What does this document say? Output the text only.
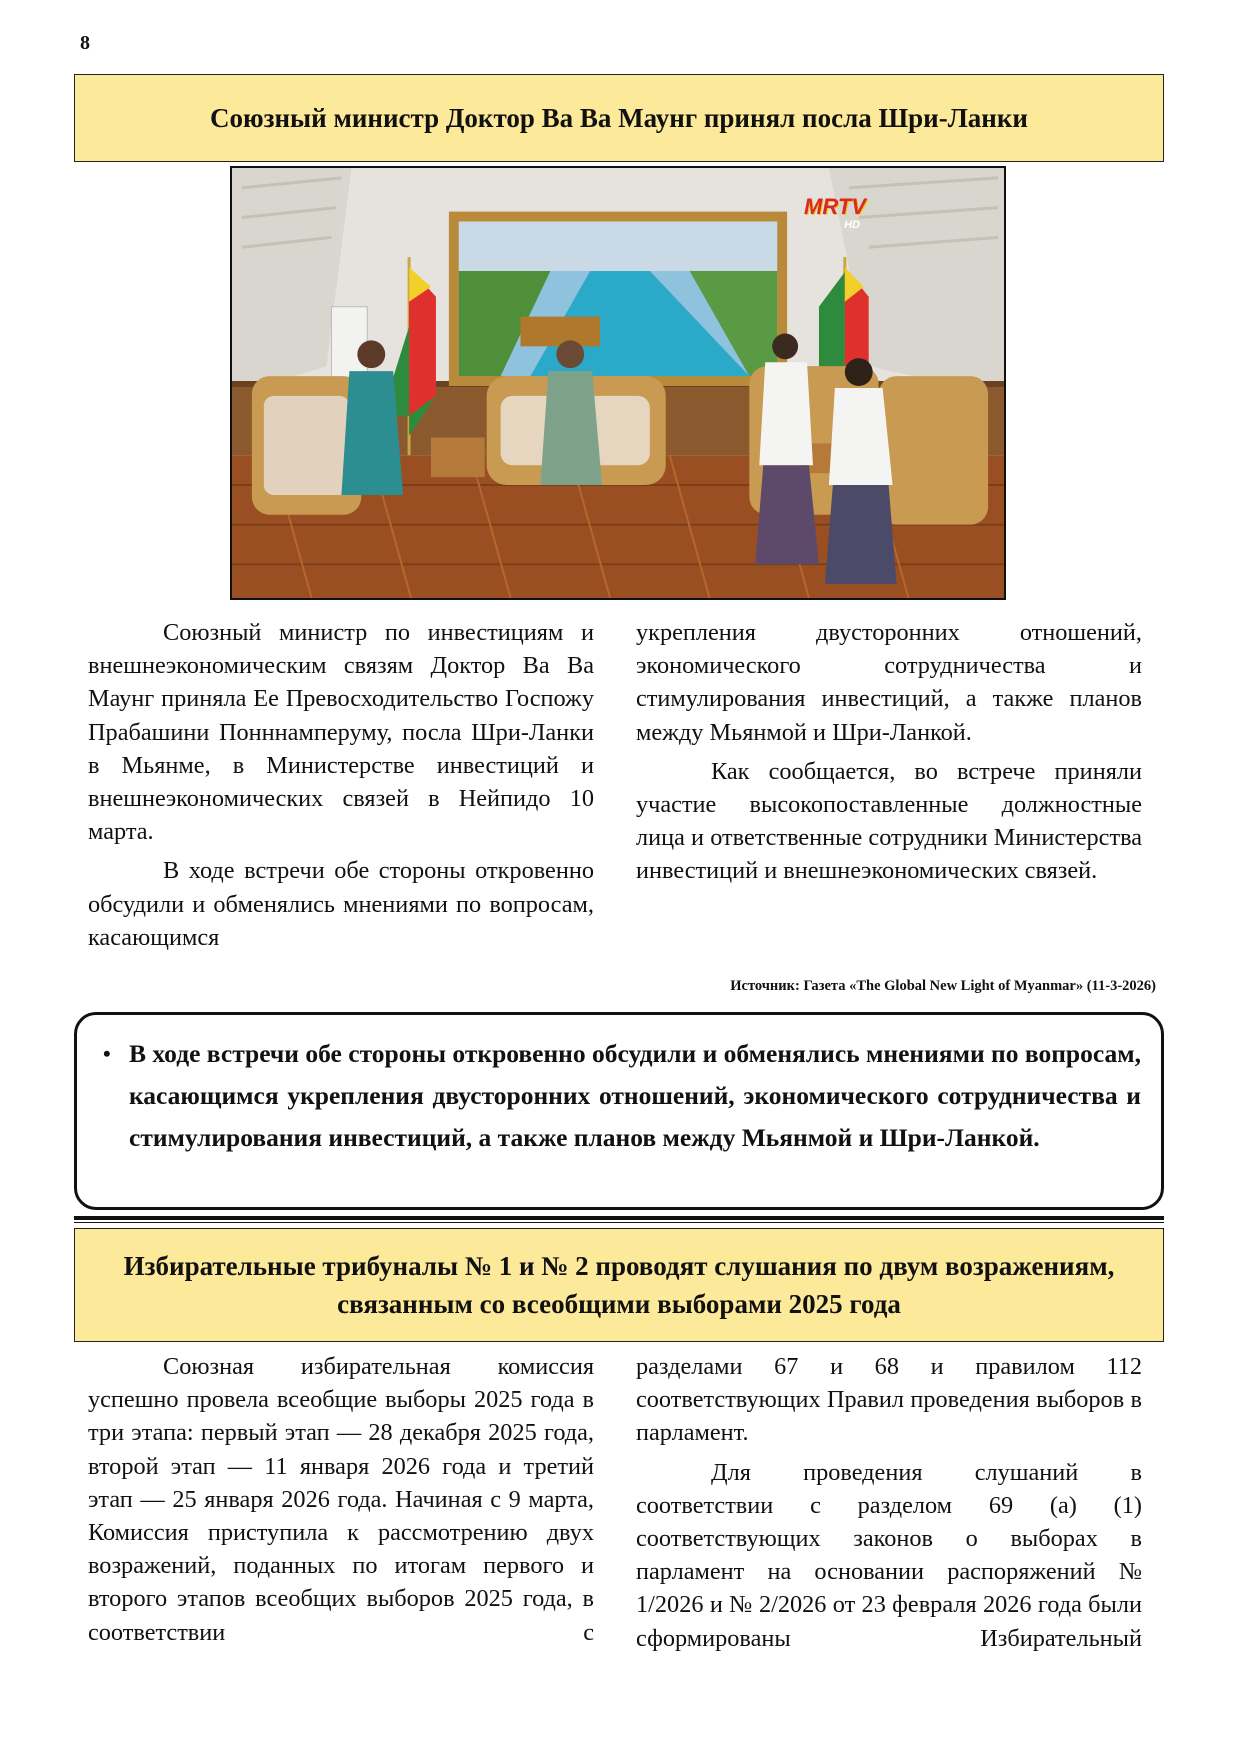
8
Союзный министр Доктор Ва Ва Маунг принял посла Шри-Ланки
MRTV $_{HD}$

Союзный министр по инвестициям и внешнеэкономическим связям Доктор Ва Ва Маунг приняла Ее Превосходительство Госпожу Прабашини Понннамперуму, посла Шри-Ланки в Мьянме, в Министерстве инвестиций и внешнеэкономических связей в Нейпидо 10 марта.

В ходе встречи обе стороны откровенно обсудили и обменялись мнениями по вопросам, касающимся

укрепления двусторонних отношений, экономического сотрудничества и стимулирования инвестиций, а также планов между Мьянмой и Шри-Ланкой.

Как сообщается, во встрече приняли участие высокопоставленные должностные лица и ответственные сотрудники Министерства инвестиций и внешнеэкономических связей.

Источник: Газета «The Global New Light of Myanmar» (11-3-2026)
• В ходе встречи обе стороны откровенно обсудили и обменялись мнениями по вопросам, касающимся укрепления двусторонних отношений, экономического сотрудничества и стимулирования инвестиций, а также планов между Мьянмой и Шри-Ланкой.
Избирательные трибуналы № 1 и № 2 проводят слушания по двум возражениям, связанным со всеобщими выборами 2025 года

Союзная избирательная комиссия успешно провела всеобщие выборы 2025 года в три этапа: первый этап — 28 декабря 2025 года, второй этап — 11 января 2026 года и третий этап — 25 января 2026 года. Начиная с 9 марта, Комиссия приступила к рассмотрению двух возражений, поданных по итогам первого и второго этапов всеобщих выборов 2025 года, в соответствии с

разделами 67 и 68 и правилом 112 соответствующих Правил проведения выборов в парламент.

Для проведения слушаний в соответствии с разделом 69 (а) (1) соответствующих законов о выборах в парламент на основании распоряжений № 1/2026 и № 2/2026 от 23 февраля 2026 года были сформированы Избирательный
